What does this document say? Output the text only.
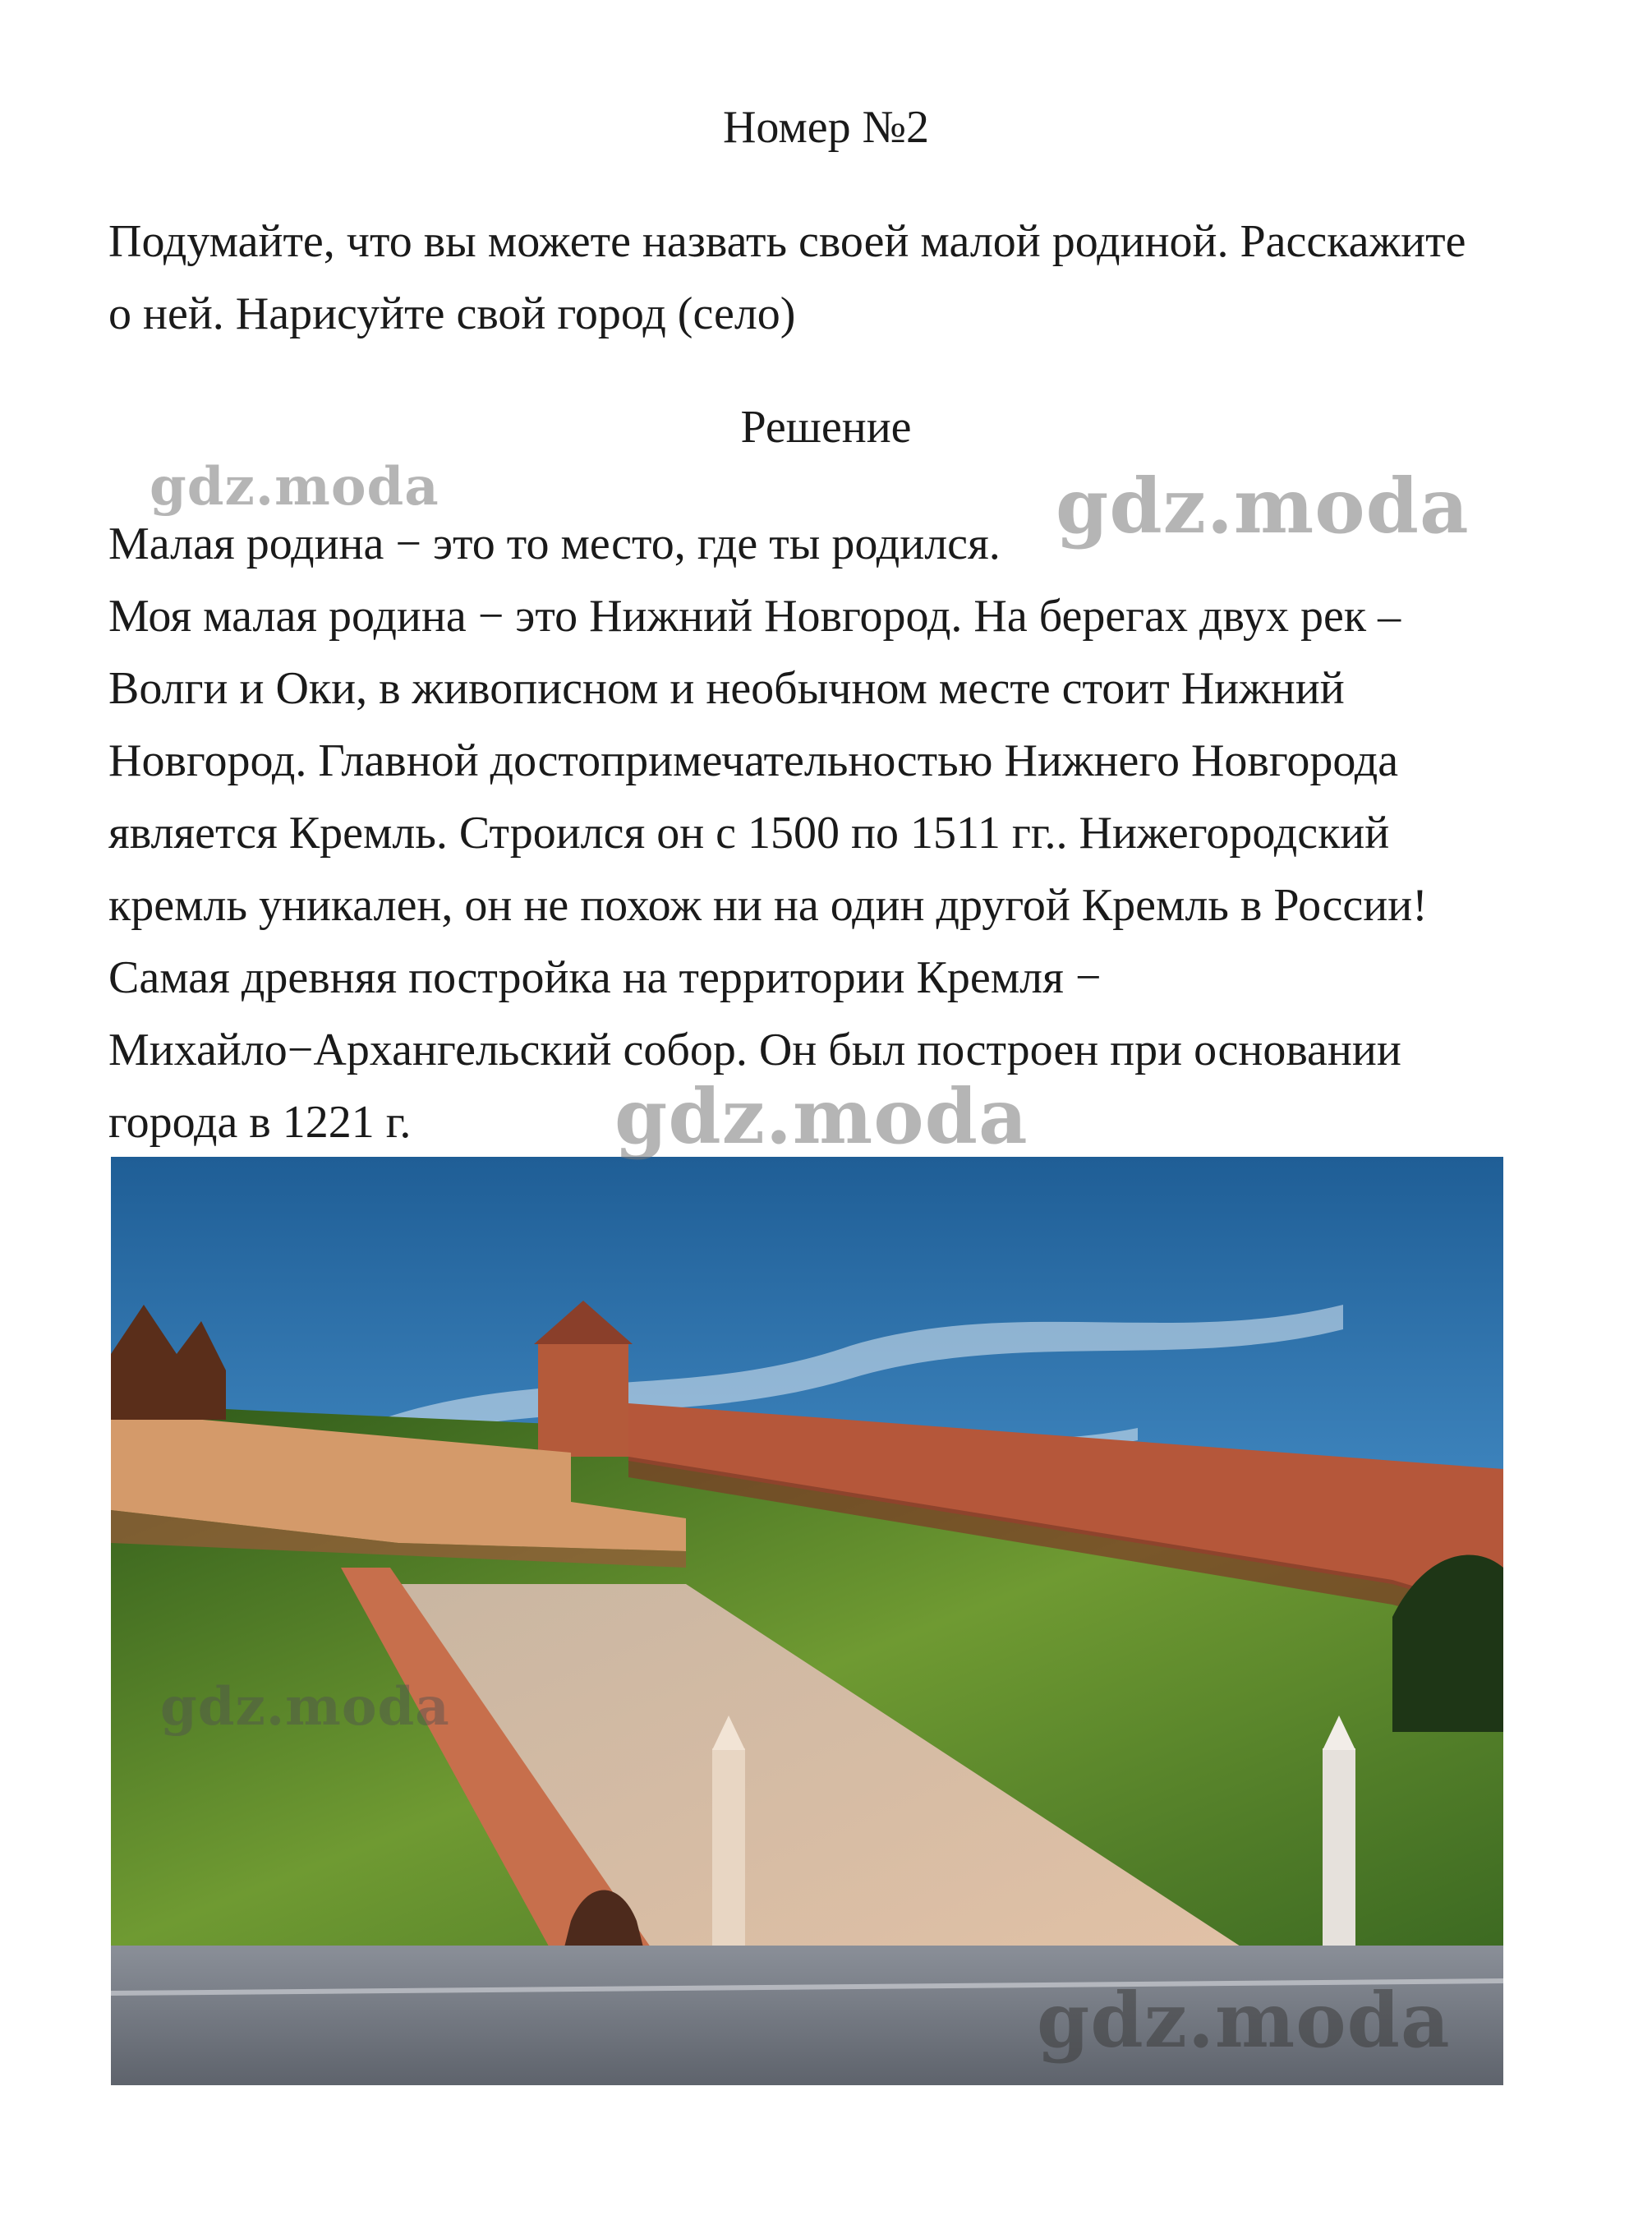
Номер №2

Подумайте, что вы можете назвать своей малой родиной. Расскажите

о ней. Нарисуйте свой город (село)

Решение

Малая родина − это то место, где ты родился.

Моя малая родина − это Нижний Новгород. На берегах двух рек –

Волги и Оки, в живописном и необычном месте стоит Нижний

Новгород. Главной достопримечательностью Нижнего Новгорода

является Кремль. Строился он с 1500 по 1511 гг.. Нижегородский

кремль уникален, он не похож ни на один другой Кремль в России!

Самая древняя постройка на территории Кремля −

Михайло−Архангельский собор. Он был построен при основании

города в 1221 г.

gdz.moda	gdz.moda
gdz.moda
gdz.moda
gdz.moda
